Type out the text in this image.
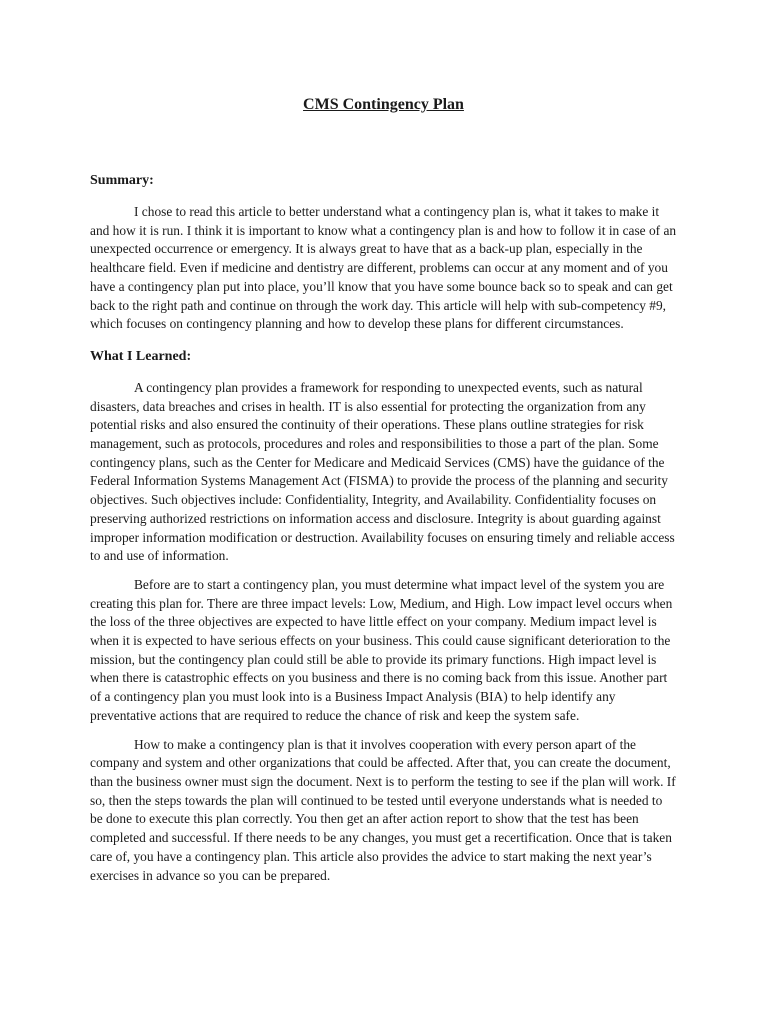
CMS Contingency Plan
Summary:

I chose to read this article to better understand what a contingency plan is, what it takes to make it and how it is run. I think it is important to know what a contingency plan is and how to follow it in case of an unexpected occurrence or emergency. It is always great to have that as a back-up plan, especially in the healthcare field. Even if medicine and dentistry are different, problems can occur at any moment and of you have a contingency plan put into place, you’ll know that you have some bounce back so to speak and can get back to the right path and continue on through the work day. This article will help with sub-competency #9, which focuses on contingency planning and how to develop these plans for different circumstances.

What I Learned:

A contingency plan provides a framework for responding to unexpected events, such as natural disasters, data breaches and crises in health. IT is also essential for protecting the organization from any potential risks and also ensured the continuity of their operations. These plans outline strategies for risk management, such as protocols, procedures and roles and responsibilities to those a part of the plan. Some contingency plans, such as the Center for Medicare and Medicaid Services (CMS) have the guidance of the Federal Information Systems Management Act (FISMA) to provide the process of the planning and security objectives. Such objectives include: Confidentiality, Integrity, and Availability. Confidentiality focuses on preserving authorized restrictions on information access and disclosure. Integrity is about guarding against improper information modification or destruction. Availability focuses on ensuring timely and reliable access to and use of information.

Before are to start a contingency plan, you must determine what impact level of the system you are creating this plan for. There are three impact levels: Low, Medium, and High. Low impact level occurs when the loss of the three objectives are expected to have little effect on your company. Medium impact level is when it is expected to have serious effects on your business. This could cause significant deterioration to the mission, but the contingency plan could still be able to provide its primary functions. High impact level is when there is catastrophic effects on you business and there is no coming back from this issue. Another part of a contingency plan you must look into is a Business Impact Analysis (BIA) to help identify any preventative actions that are required to reduce the chance of risk and keep the system safe.

How to make a contingency plan is that it involves cooperation with every person apart of the company and system and other organizations that could be affected. After that, you can create the document, than the business owner must sign the document. Next is to perform the testing to see if the plan will work. If so, then the steps towards the plan will continued to be tested until everyone understands what is needed to be done to execute this plan correctly. You then get an after action report to show that the test has been completed and successful. If there needs to be any changes, you must get a recertification. Once that is taken care of, you have a contingency plan. This article also provides the advice to start making the next year’s exercises in advance so you can be prepared.
